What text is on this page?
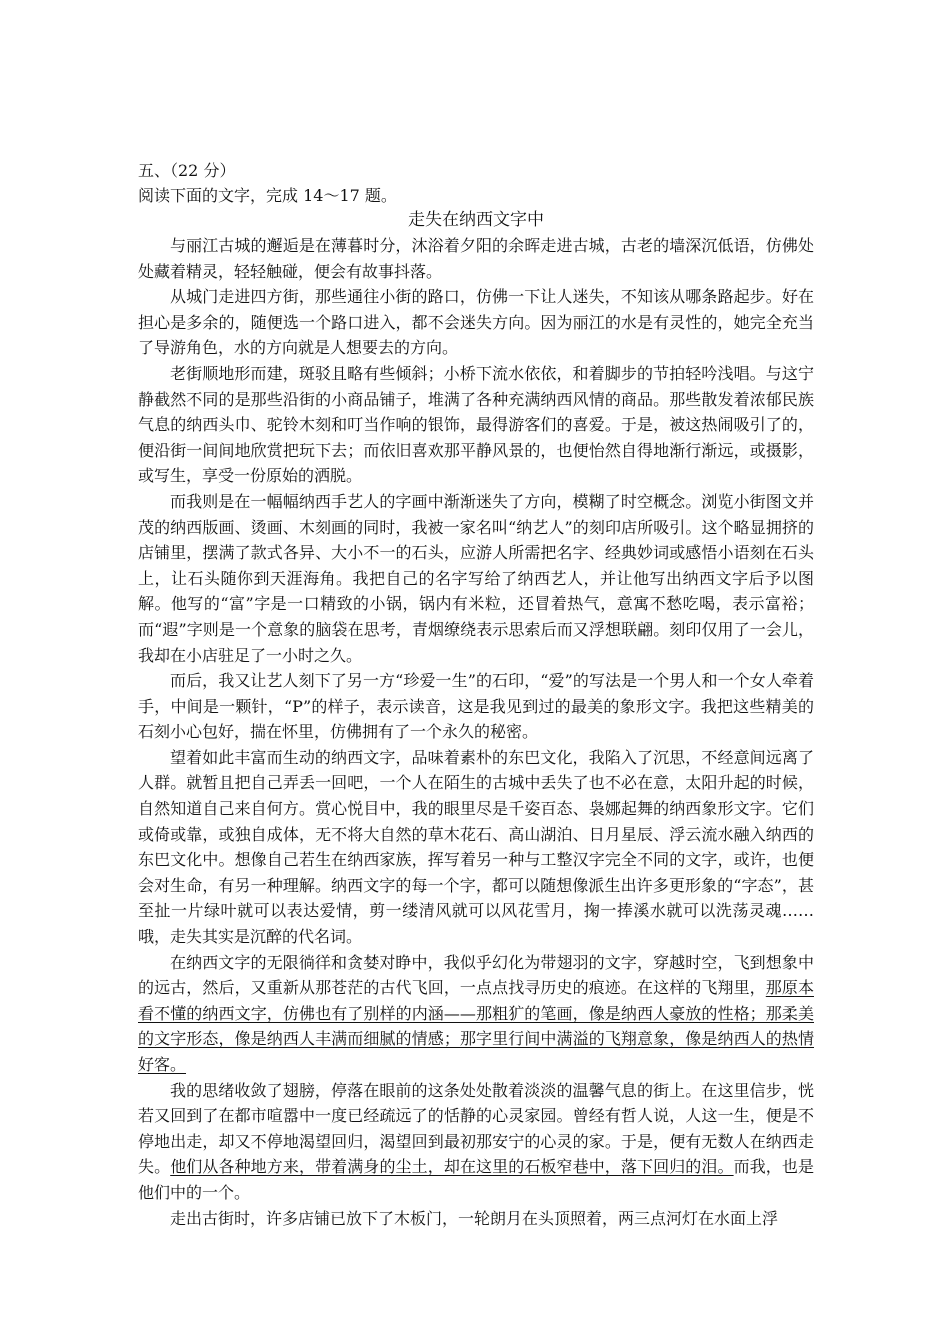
五、（22 分）

阅读下面的文字，完成 14～17 题。

走失在纳西文字中

与丽江古城的邂逅是在薄暮时分，沐浴着夕阳的余晖走进古城，古老的墙深沉低语，仿佛处处藏着精灵，轻轻触碰，便会有故事抖落。

从城门走进四方街，那些通往小街的路口，仿佛一下让人迷失，不知该从哪条路起步。好在担心是多余的，随便选一个路口进入，都不会迷失方向。因为丽江的水是有灵性的，她完全充当了导游角色，水的方向就是人想要去的方向。

老街顺地形而建，斑驳且略有些倾斜；小桥下流水依依，和着脚步的节拍轻吟浅唱。与这宁静截然不同的是那些沿街的小商品铺子，堆满了各种充满纳西风情的商品。那些散发着浓郁民族气息的纳西头巾、驼铃木刻和叮当作响的银饰，最得游客们的喜爱。于是，被这热闹吸引了的，便沿街一间间地欣赏把玩下去；而依旧喜欢那平静风景的，也便怡然自得地渐行渐远，或摄影，或写生，享受一份原始的洒脱。

而我则是在一幅幅纳西手艺人的字画中渐渐迷失了方向，模糊了时空概念。浏览小街图文并茂的纳西版画、烫画、木刻画的同时，我被一家名叫“纳艺人”的刻印店所吸引。这个略显拥挤的店铺里，摆满了款式各异、大小不一的石头，应游人所需把名字、经典妙词或感悟小语刻在石头上，让石头随你到天涯海角。我把自己的名字写给了纳西艺人，并让他写出纳西文字后予以图解。他写的“富”字是一口精致的小锅，锅内有米粒，还冒着热气，意寓不愁吃喝，表示富裕；而“遐”字则是一个意象的脑袋在思考，青烟缭绕表示思索后而又浮想联翩。刻印仅用了一会儿，我却在小店驻足了一小时之久。

而后，我又让艺人刻下了另一方“珍爱一生”的石印，“爱”的写法是一个男人和一个女人牵着手，中间是一颗针，“P”的样子，表示读音，这是我见到过的最美的象形文字。我把这些精美的石刻小心包好，揣在怀里，仿佛拥有了一个永久的秘密。

望着如此丰富而生动的纳西文字，品味着素朴的东巴文化，我陷入了沉思，不经意间远离了人群。就暂且把自己弄丢一回吧，一个人在陌生的古城中丢失了也不必在意，太阳升起的时候，自然知道自己来自何方。赏心悦目中，我的眼里尽是千姿百态、袅娜起舞的纳西象形文字。它们或倚或靠，或独自成体，无不将大自然的草木花石、高山湖泊、日月星辰、浮云流水融入纳西的东巴文化中。想像自己若生在纳西家族，挥写着另一种与工整汉字完全不同的文字，或许，也便会对生命，有另一种理解。纳西文字的每一个字，都可以随想像派生出许多更形象的“字态”，甚至扯一片绿叶就可以表达爱情，剪一缕清风就可以风花雪月，掬一捧溪水就可以洗荡灵魂……哦，走失其实是沉醉的代名词。

在纳西文字的无限徜徉和贪婪对睁中，我似乎幻化为带翅羽的文字，穿越时空，飞到想象中的远古，然后，又重新从那苍茫的古代飞回，一点点找寻历史的痕迹。在这样的飞翔里，那原本看不懂的纳西文字，仿佛也有了别样的内涵——那粗犷的笔画，像是纳西人豪放的性格；那柔美的文字形态，像是纳西人丰满而细腻的情感；那字里行间中满溢的飞翔意象，像是纳西人的热情好客。

我的思绪收敛了翅膀，停落在眼前的这条处处散着淡淡的温馨气息的街上。在这里信步，恍若又回到了在都市喧嚣中一度已经疏远了的恬静的心灵家园。曾经有哲人说，人这一生，便是不停地出走，却又不停地渴望回归，渴望回到最初那安宁的心灵的家。于是，便有无数人在纳西走失。他们从各种地方来，带着满身的尘土，却在这里的石板窄巷中，落下回归的泪。而我，也是他们中的一个。

走出古街时，许多店铺已放下了木板门，一轮朗月在头顶照着，两三点河灯在水面上浮
